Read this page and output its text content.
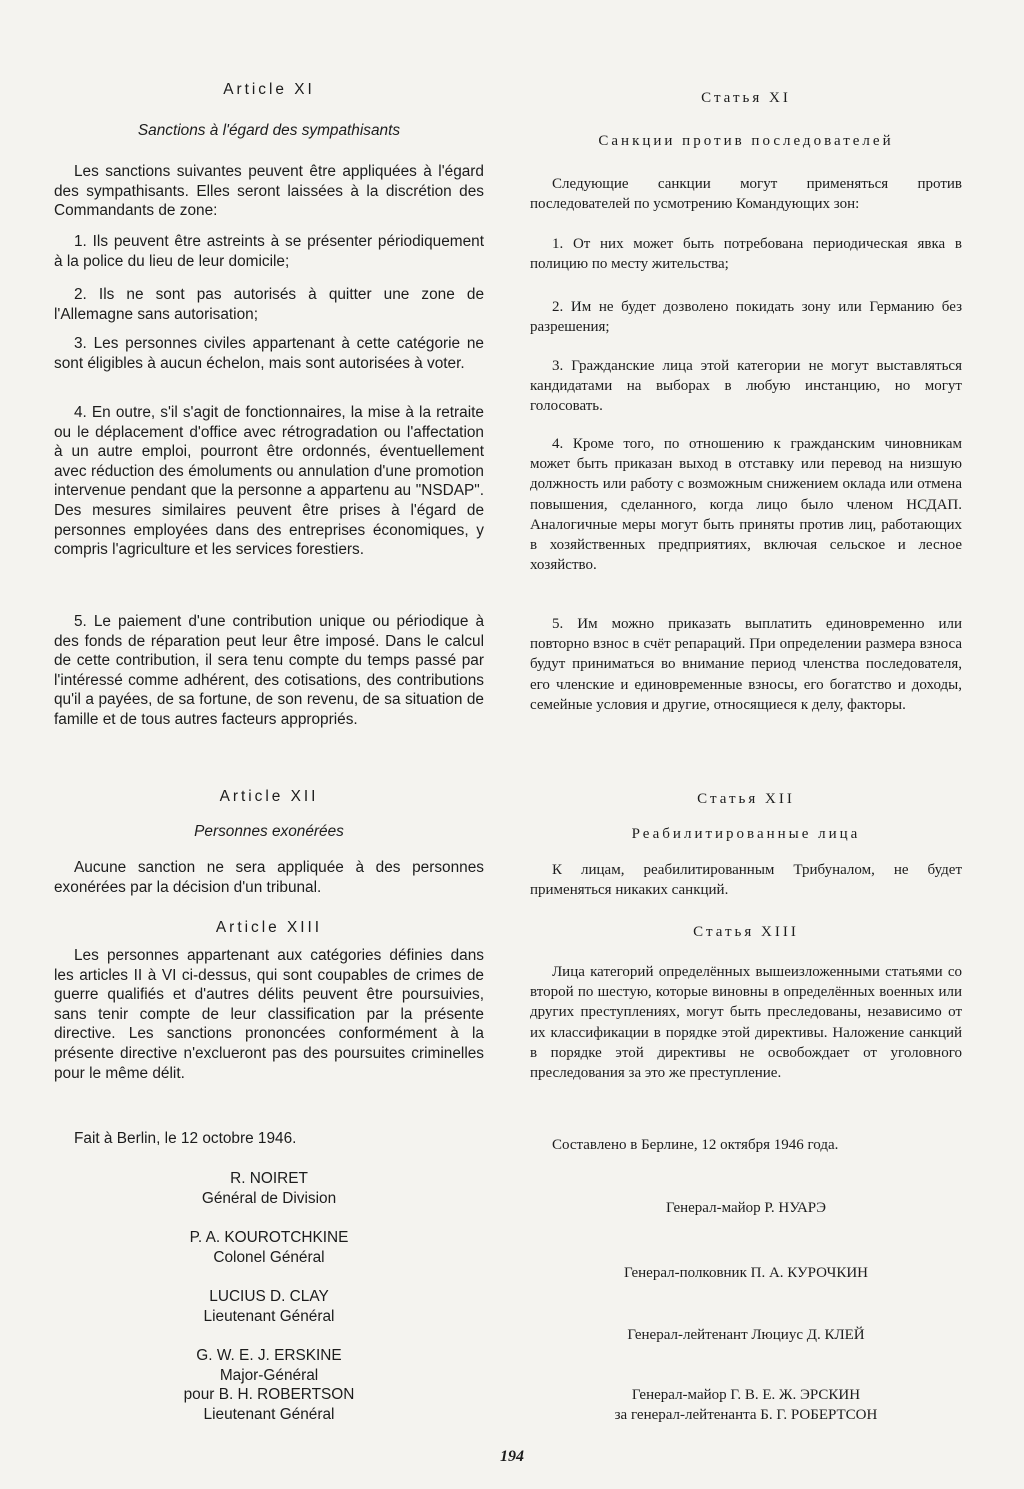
Article XI
Sanctions à l'égard des sympathisants

Les sanctions suivantes peuvent être appliquées à l'égard des sympathisants. Elles seront laissées à la discrétion des Commandants de zone:

1. Ils peuvent être astreints à se présenter périodiquement à la police du lieu de leur domicile;

2. Ils ne sont pas autorisés à quitter une zone de l'Allemagne sans autorisation;

3. Les personnes civiles appartenant à cette catégorie ne sont éligibles à aucun échelon, mais sont autorisées à voter.

4. En outre, s'il s'agit de fonctionnaires, la mise à la retraite ou le déplacement d'office avec rétrogradation ou l'affectation à un autre emploi, pourront être ordonnés, éventuellement avec réduction des émoluments ou annulation d'une promotion intervenue pendant que la personne a appartenu au "NSDAP". Des mesures similaires peuvent être prises à l'égard de personnes employées dans des entreprises économiques, y compris l'agriculture et les services forestiers.

5. Le paiement d'une contribution unique ou périodique à des fonds de réparation peut leur être imposé. Dans le calcul de cette contribution, il sera tenu compte du temps passé par l'intéressé comme adhérent, des cotisations, des contributions qu'il a payées, de sa fortune, de son revenu, de sa situation de famille et de tous autres facteurs appropriés.

Article XII
Personnes exonérées

Aucune sanction ne sera appliquée à des personnes exonérées par la décision d'un tribunal.

Article XIII

Les personnes appartenant aux catégories définies dans les articles II à VI ci-dessus, qui sont coupables de crimes de guerre qualifiés et d'autres délits peuvent être poursuivies, sans tenir compte de leur classification par la présente directive. Les sanctions prononcées conformément à la présente directive n'exclueront pas des poursuites criminelles pour le même délit.

Fait à Berlin, le 12 octobre 1946.

R. NOIRET
Général de Division
P. A. KOUROTCHKINE
Colonel Général
LUCIUS D. CLAY
Lieutenant Général
G. W. E. J. ERSKINE
Major-Général
pour B. H. ROBERTSON
Lieutenant Général
Статья XI
Санкции против последователей

Следующие санкции могут применяться против последователей по усмотрению Командующих зон:

1. От них может быть потребована периодическая явка в полицию по месту жительства;

2. Им не будет дозволено покидать зону или Германию без разрешения;

3. Гражданские лица этой категории не могут выставляться кандидатами на выборах в любую инстанцию, но могут голосовать.

4. Кроме того, по отношению к гражданским чиновникам может быть приказан выход в отставку или перевод на низшую должность или работу с возможным снижением оклада или отмена повышения, сделанного, когда лицо было членом НСДАП. Аналогичные меры могут быть приняты против лиц, работающих в хозяйственных предприятиях, включая сельское и лесное хозяйство.

5. Им можно приказать выплатить единовременно или повторно взнос в счёт репараций. При определении размера взноса будут приниматься во внимание период членства последователя, его членские и единовременные взносы, его богатство и доходы, семейные условия и другие, относящиеся к делу, факторы.

Статья XII
Реабилитированные лица

К лицам, реабилитированным Трибуналом, не будет применяться никаких санкций.

Статья XIII

Лица категорий определённых вышеизложенными статьями со второй по шестую, которые виновны в определённых военных или других преступлениях, могут быть преследованы, независимо от их классификации в порядке этой директивы. Наложение санкций в порядке этой директивы не освобождает от уголовного преследования за это же преступление.

Составлено в Берлине, 12 октября 1946 года.

Генерал-майор Р. НУАРЭ
Генерал-полковник П. А. КУРОЧКИН
Генерал-лейтенант Люциус Д. КЛЕЙ
Генерал-майор Г. В. Е. Ж. ЭРСКИН
за генерал-лейтенанта Б. Г. РОБЕРТСОН
194
